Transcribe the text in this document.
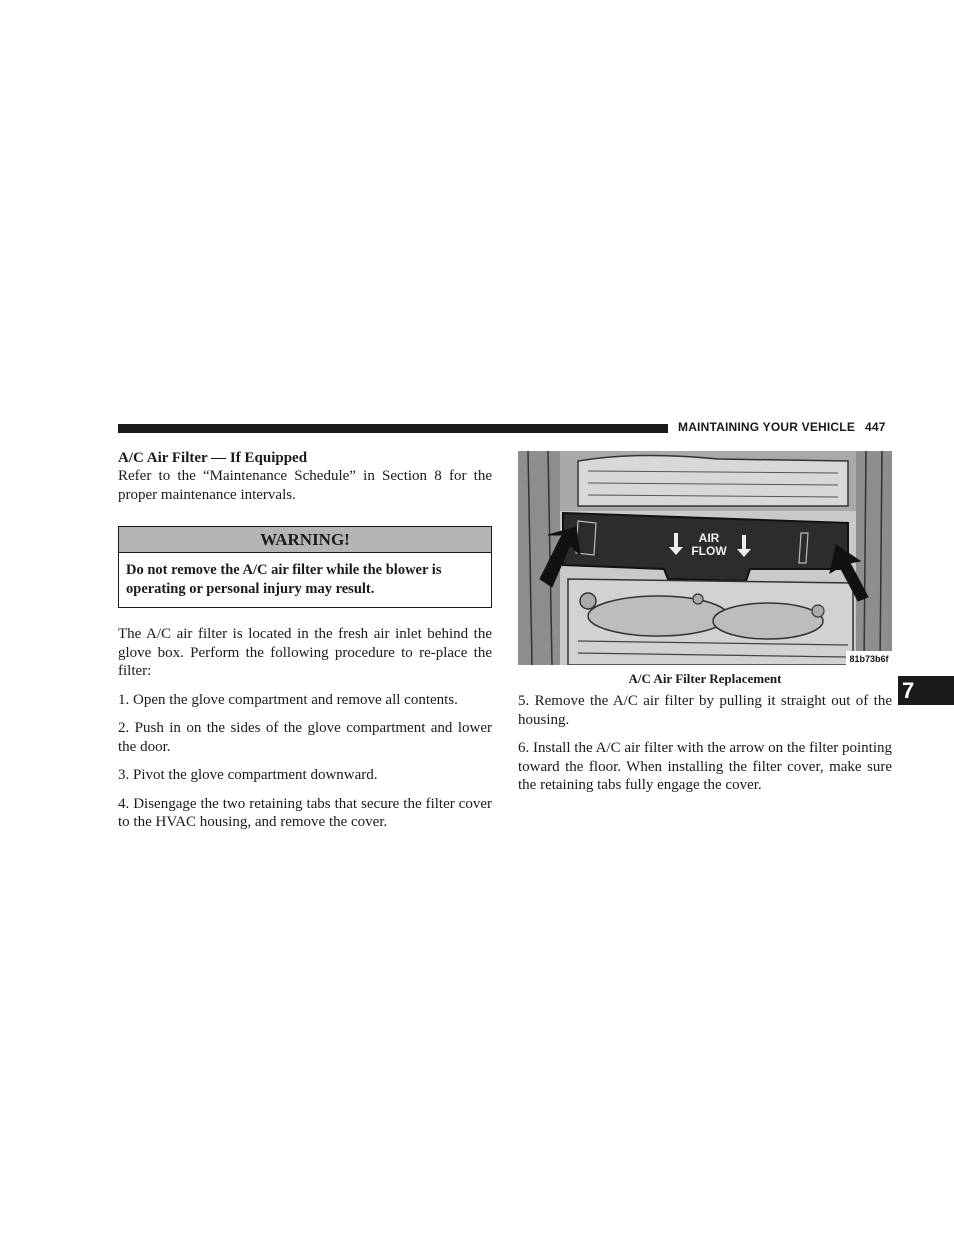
MAINTAINING YOUR VEHICLE 447
A/C Air Filter — If Equipped

Refer to the “Maintenance Schedule” in Section 8 for the proper maintenance intervals.

WARNING!
Do not remove the A/C air filter while the blower is operating or personal injury may result.

The A/C air filter is located in the fresh air inlet behind the glove box. Perform the following procedure to re-place the filter:

1. Open the glove compartment and remove all contents.

2. Push in on the sides of the glove compartment and lower the door.

3. Pivot the glove compartment downward.

4. Disengage the two retaining tabs that secure the filter cover to the HVAC housing, and remove the cover.

AIR
FLOW
81b73b6f
A/C Air Filter Replacement

5. Remove the A/C air filter by pulling it straight out of the housing.

6. Install the A/C air filter with the arrow on the filter pointing toward the floor. When installing the filter cover, make sure the retaining tabs fully engage the cover.

7
